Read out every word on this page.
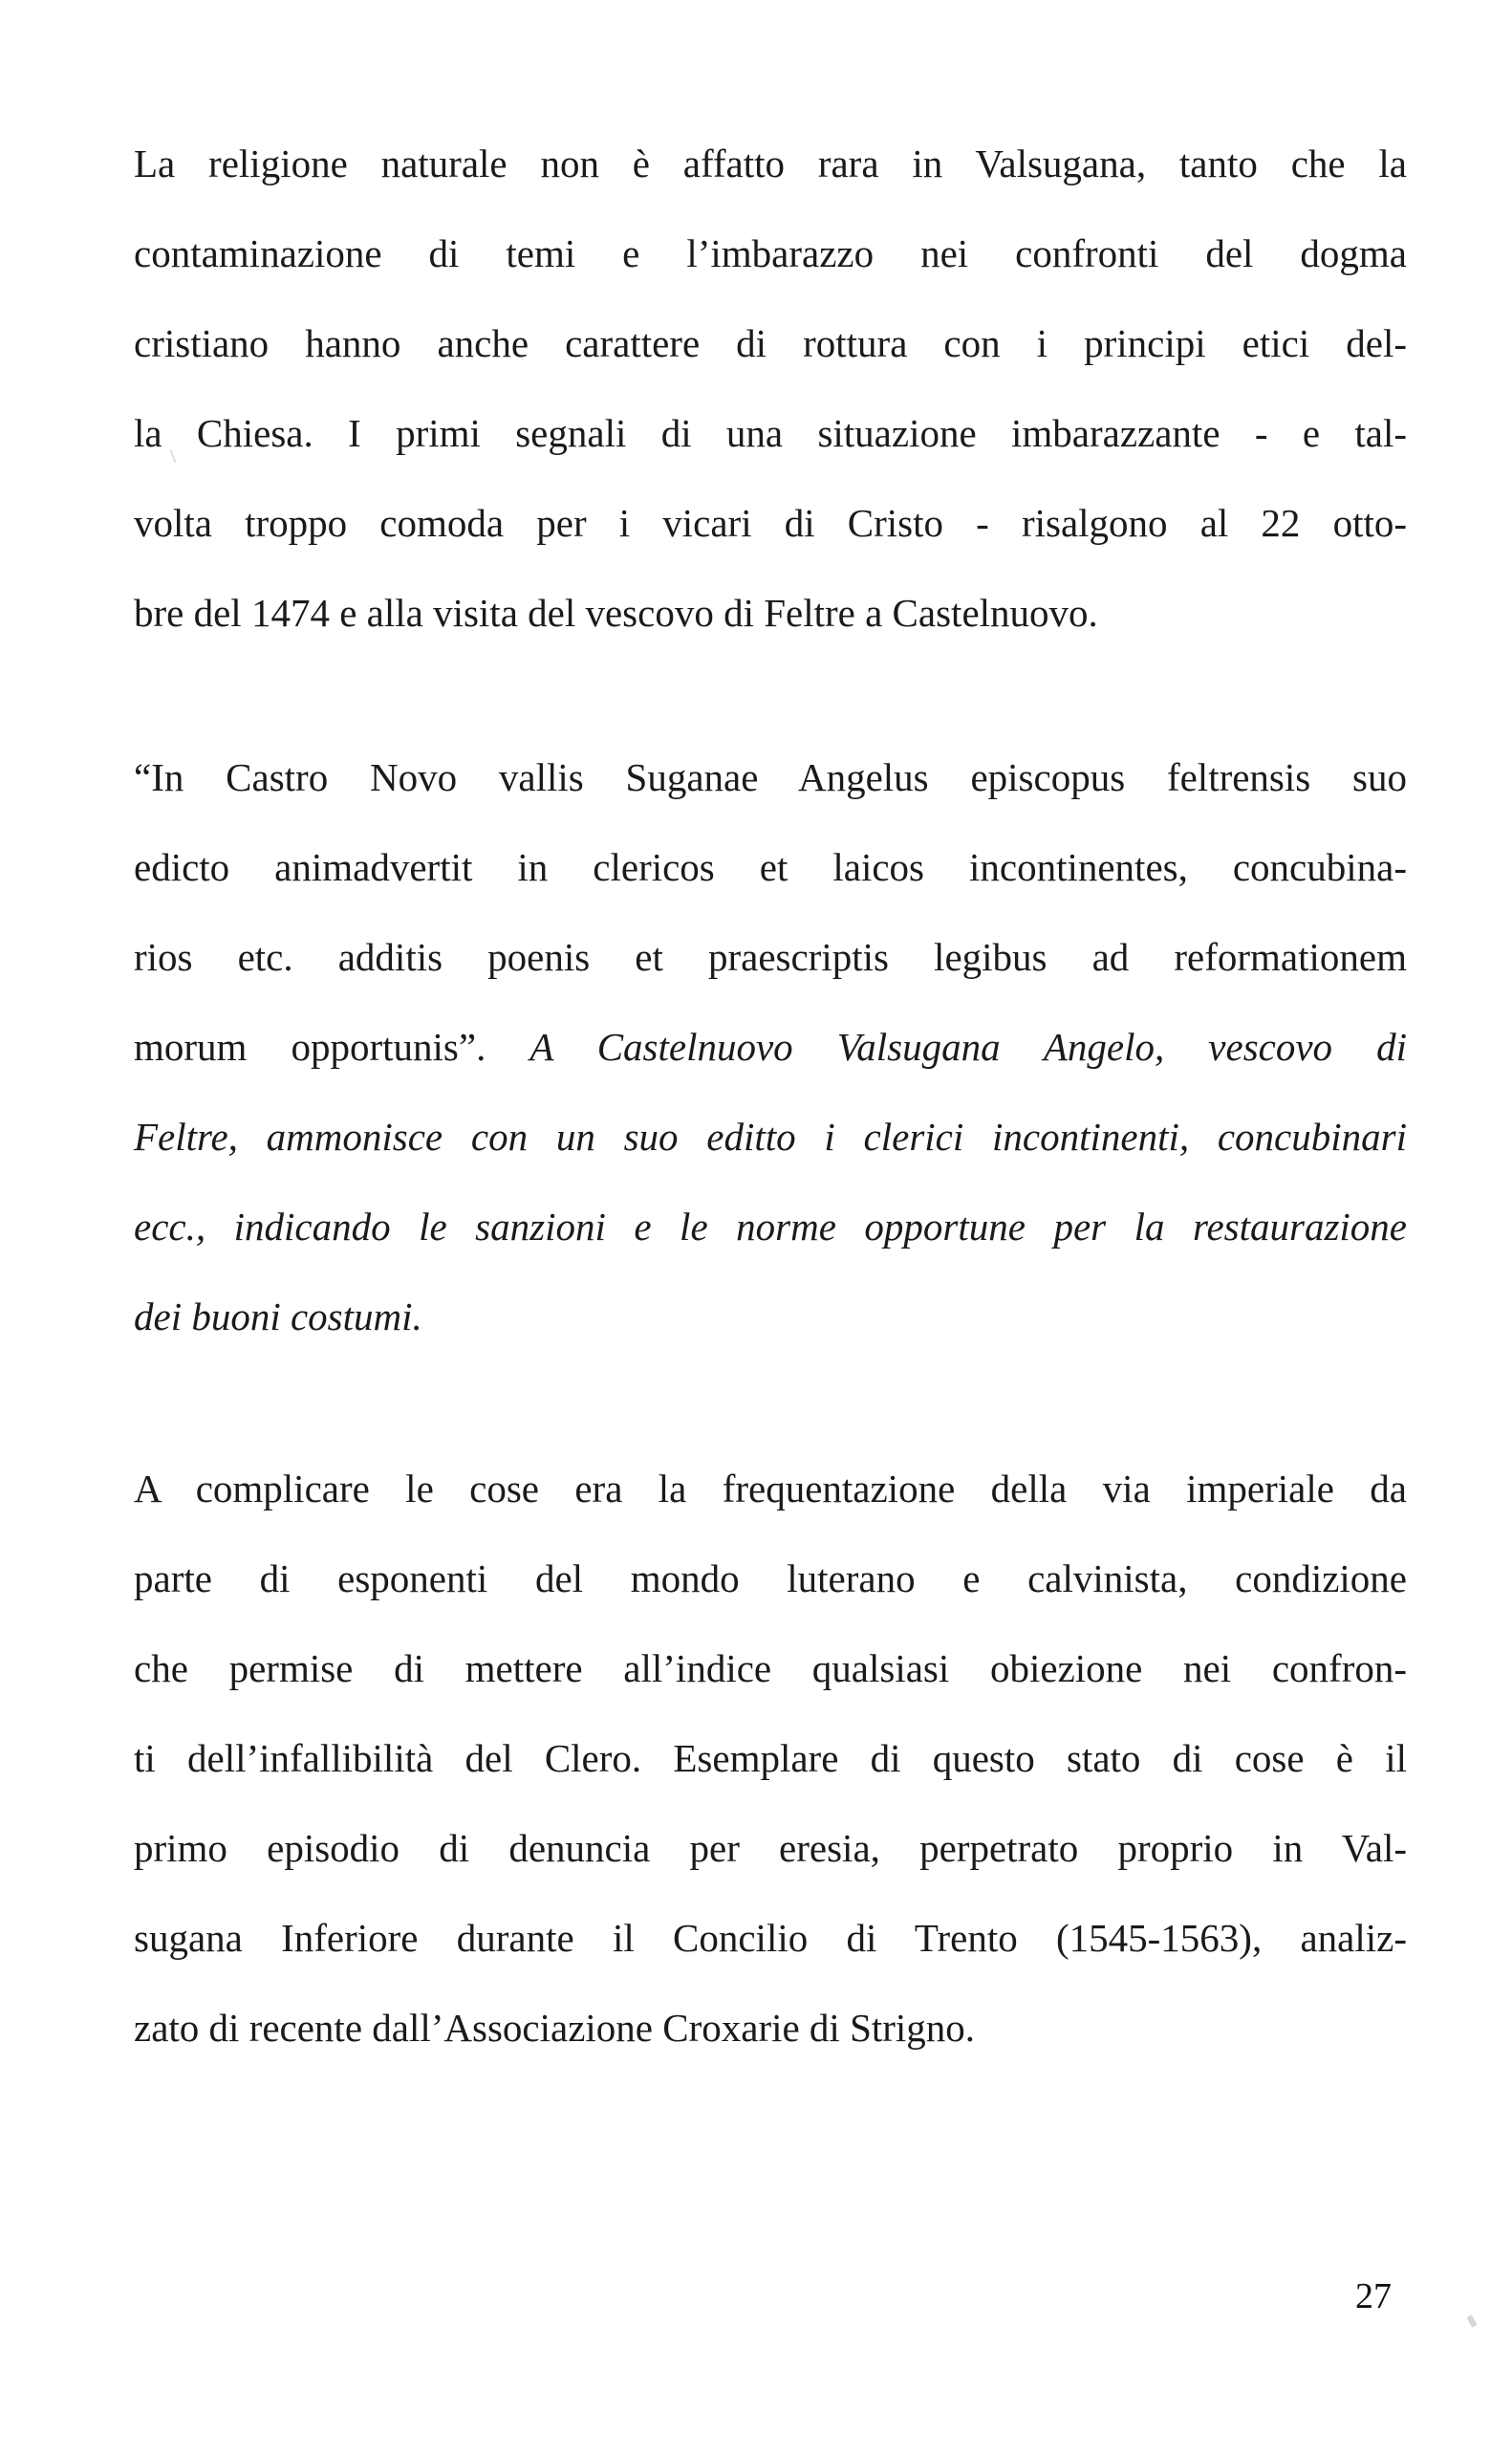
La religione naturale non è affatto rara in Valsugana, tanto che la
contaminazione di temi e l’imbarazzo nei confronti del dogma
cristiano hanno anche carattere di rottura con i principi etici del-
la Chiesa. I primi segnali di una situazione imbarazzante - e tal-
volta troppo comoda per i vicari di Cristo - risalgono al 22 otto-
bre del 1474 e alla visita del vescovo di Feltre a Castelnuovo.

“In Castro Novo vallis Suganae Angelus episcopus feltrensis suo
edicto animadvertit in clericos et laicos incontinentes, concubina-
rios etc. additis poenis et praescriptis legibus ad reformationem
morum opportunis”. A Castelnuovo Valsugana Angelo, vescovo di
Feltre, ammonisce con un suo editto i clerici incontinenti, concubinari
ecc., indicando le sanzioni e le norme opportune per la restaurazione
dei buoni costumi.

A complicare le cose era la frequentazione della via imperiale da
parte di esponenti del mondo luterano e calvinista, condizione
che permise di mettere all’indice qualsiasi obiezione nei confron-
ti dell’infallibilità del Clero. Esemplare di questo stato di cose è il
primo episodio di denuncia per eresia, perpetrato proprio in Val-
sugana Inferiore durante il Concilio di Trento (1545-1563), analiz-
zato di recente dall’Associazione Croxarie di Strigno.

27
